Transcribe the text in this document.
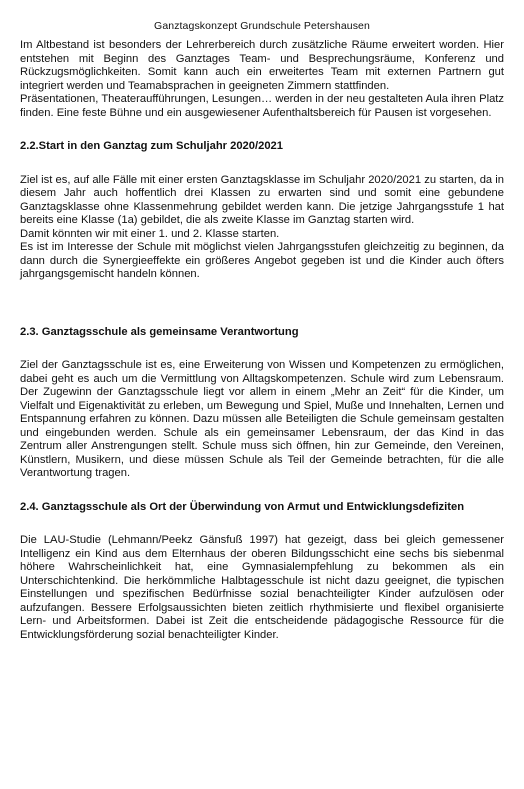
Ganztagskonzept Grundschule Petershausen

Im Altbestand ist besonders der Lehrerbereich durch zusätzliche Räume erweitert worden. Hier entstehen mit Beginn des Ganztages Team- und Besprechungsräume, Konferenz und Rückzugsmöglichkeiten. Somit kann auch ein erweitertes Team mit externen Partnern gut integriert werden und Teamabsprachen in geeigneten Zimmern stattfinden.

Präsentationen, Theateraufführungen, Lesungen… werden in der neu gestalteten Aula ihren Platz finden. Eine feste Bühne und ein ausgewiesener Aufenthaltsbereich für Pausen ist vorgesehen.

2.2.Start in den Ganztag zum Schuljahr 2020/2021

Ziel ist es, auf alle Fälle mit einer ersten Ganztagsklasse im Schuljahr 2020/2021 zu starten, da in diesem Jahr auch hoffentlich drei Klassen zu erwarten sind und somit eine gebundene Ganztagsklasse ohne Klassenmehrung gebildet werden kann. Die jetzige Jahrgangsstufe 1 hat bereits eine Klasse (1a) gebildet, die als zweite Klasse im Ganztag starten wird.

Damit könnten wir mit einer 1. und 2. Klasse starten.

Es ist im Interesse der Schule mit möglichst vielen Jahrgangsstufen gleichzeitig zu beginnen, da dann durch die Synergieeffekte ein größeres Angebot gegeben ist und die Kinder auch öfters jahrgangsgemischt handeln können.

2.3. Ganztagsschule als gemeinsame Verantwortung

Ziel der Ganztagsschule ist es, eine Erweiterung von Wissen und Kompetenzen zu ermöglichen, dabei geht es auch um die Vermittlung von Alltagskompetenzen. Schule wird zum Lebensraum. Der Zugewinn der Ganztagsschule liegt vor allem in einem „Mehr an Zeit“ für die Kinder, um Vielfalt und Eigenaktivität zu erleben, um Bewegung und Spiel, Muße und Innehalten, Lernen und Entspannung erfahren zu können. Dazu müssen alle Beteiligten die Schule gemeinsam gestalten und eingebunden werden. Schule als ein gemeinsamer Lebensraum, der das Kind in das Zentrum aller Anstrengungen stellt. Schule muss sich öffnen, hin zur Gemeinde, den Vereinen, Künstlern, Musikern, und diese müssen Schule als Teil der Gemeinde betrachten, für die alle Verantwortung tragen.

2.4. Ganztagsschule als Ort der Überwindung von Armut und Entwicklungsdefiziten

Die LAU-Studie (Lehmann/Peekz Gänsfuß 1997) hat gezeigt, dass bei gleich gemessener Intelligenz ein Kind aus dem Elternhaus der oberen Bildungsschicht eine sechs bis siebenmal höhere Wahrscheinlichkeit hat, eine Gymnasialempfehlung zu bekommen als ein Unterschichtenkind. Die herkömmliche Halbtagesschule ist nicht dazu geeignet, die typischen Einstellungen und spezifischen Bedürfnisse sozial benachteiligter Kinder aufzulösen oder aufzufangen. Bessere Erfolgsaussichten bieten zeitlich rhythmisierte und flexibel organisierte Lern- und Arbeitsformen. Dabei ist Zeit die entscheidende pädagogische Ressource für die Entwicklungsförderung sozial benachteiligter Kinder.
